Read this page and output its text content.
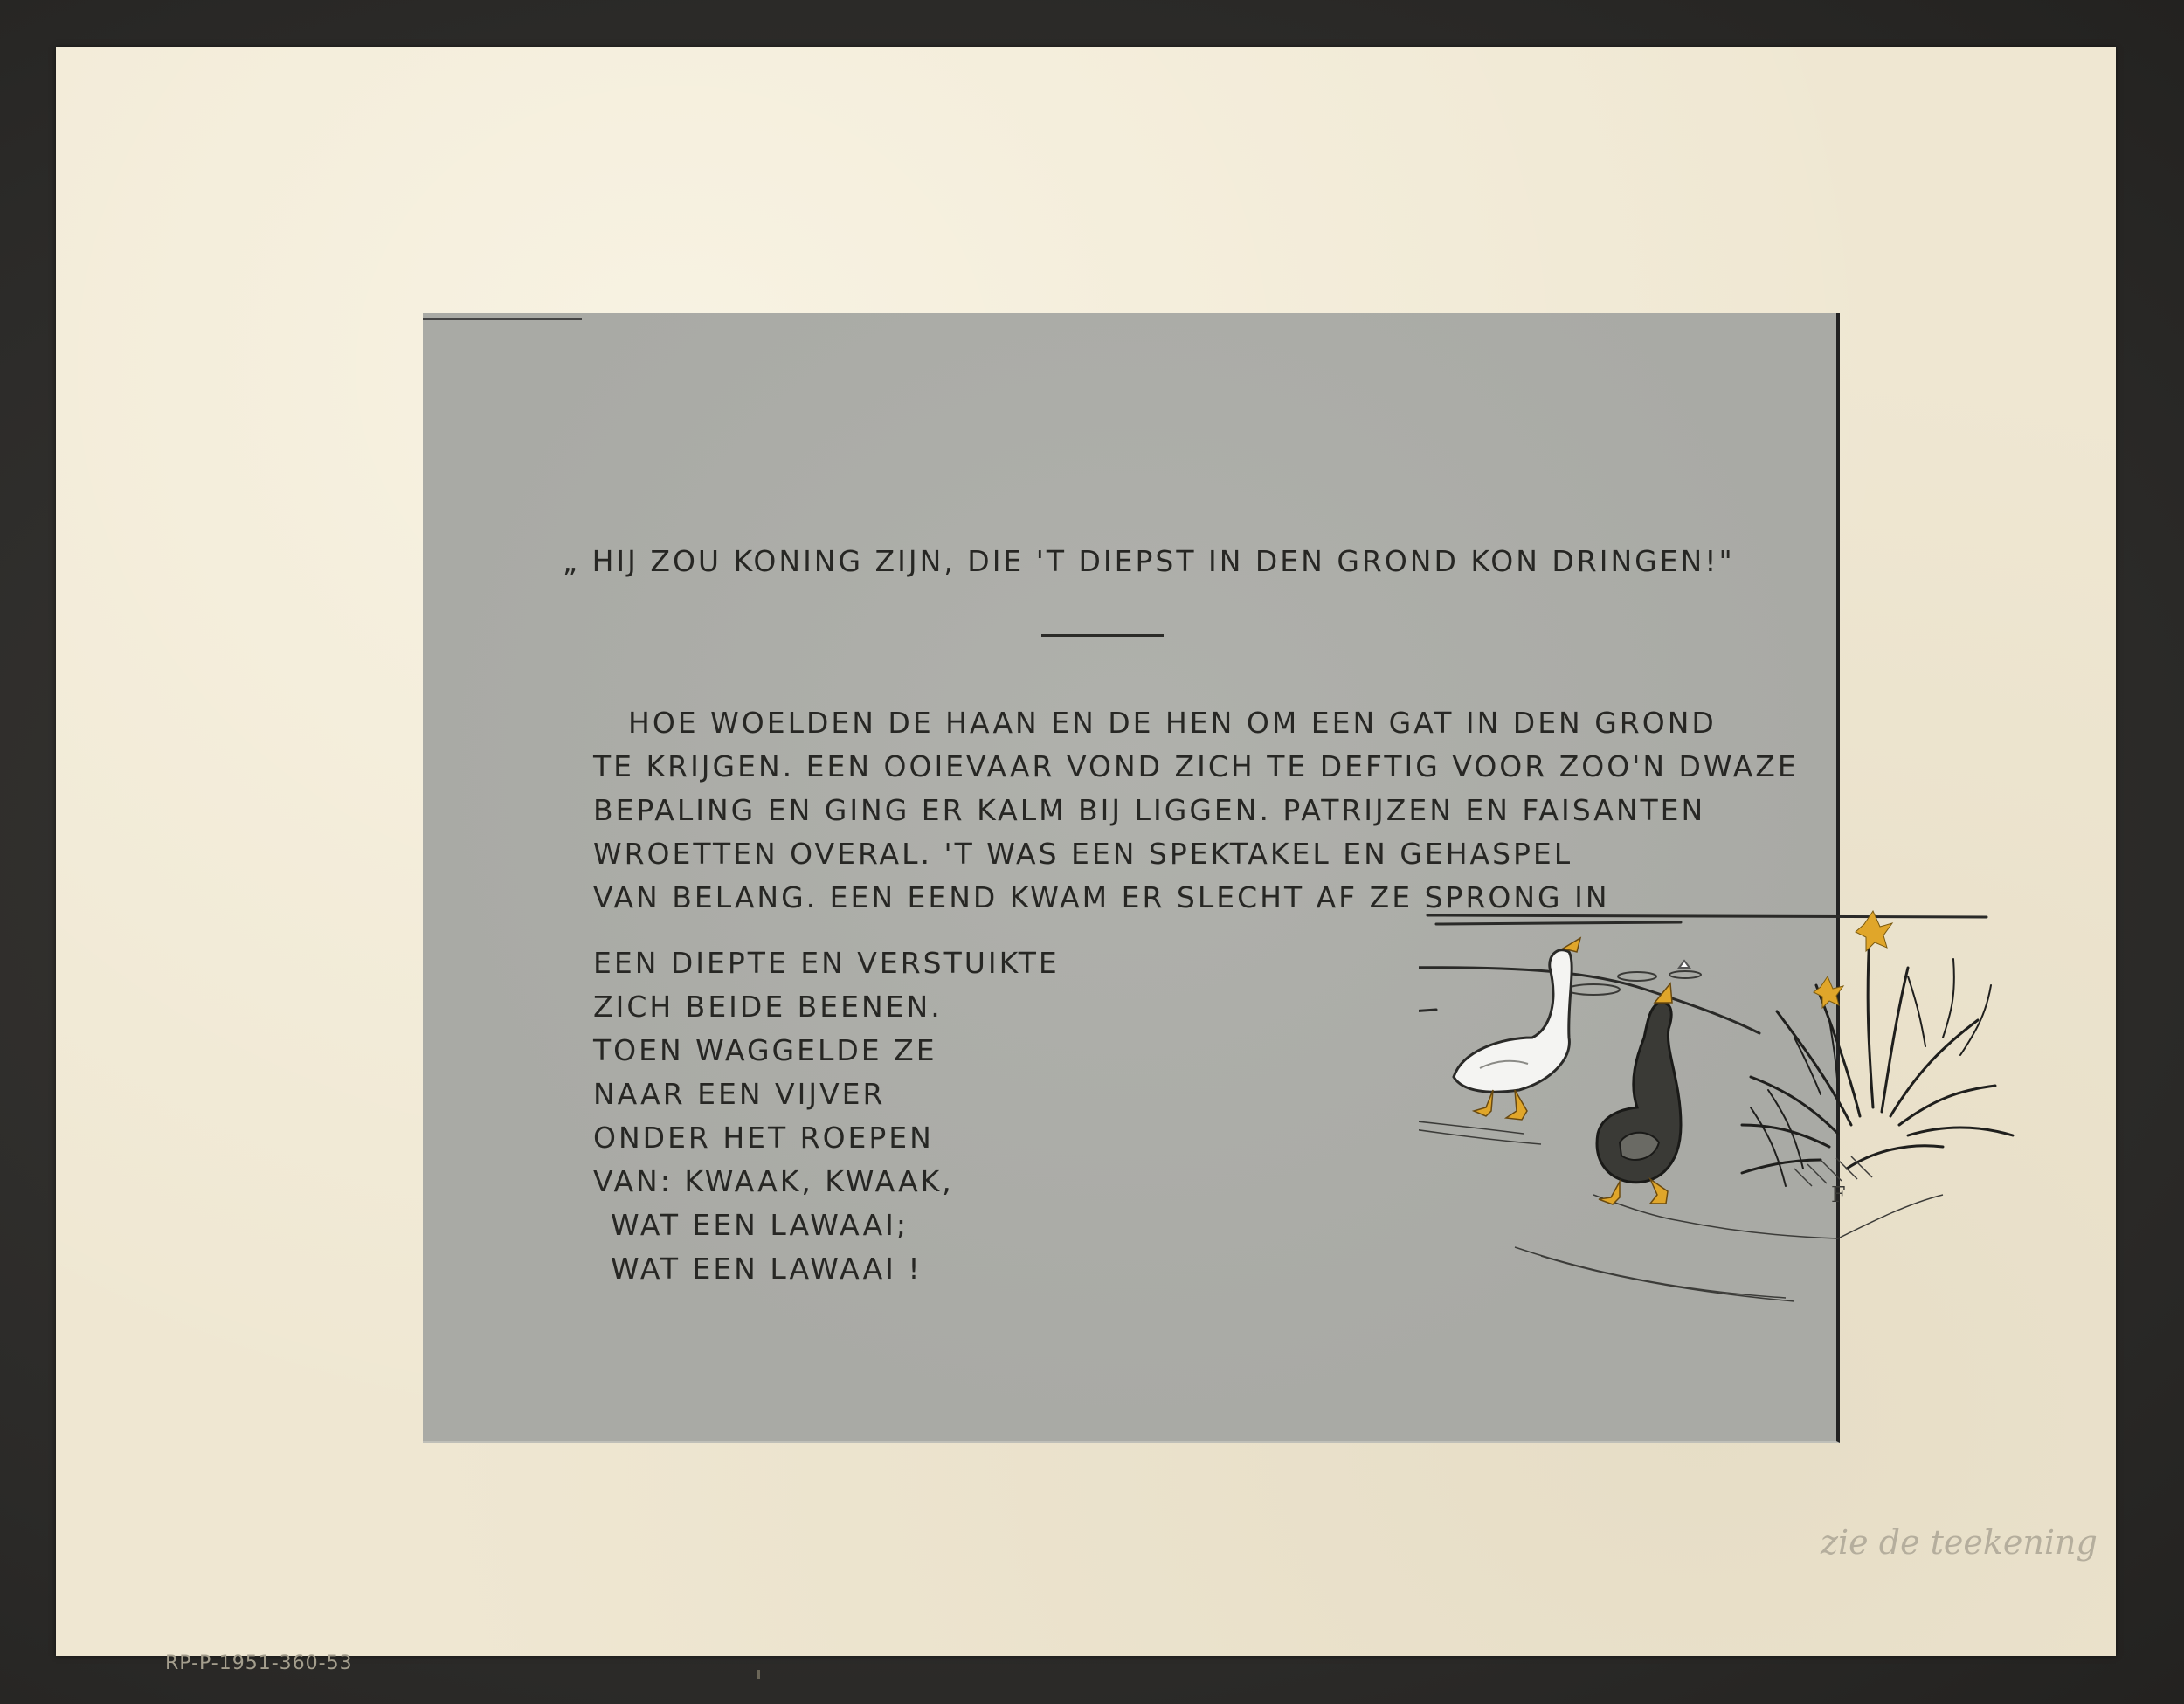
„ HIJ ZOU KONING ZIJN, DIE 'T DIEPST IN DEN GROND KON DRINGEN!"
HOE WOELDEN DE HAAN EN DE HEN OM EEN GAT IN DEN GROND
TE KRIJGEN. EEN OOIEVAAR VOND ZICH TE DEFTIG VOOR ZOO'N DWAZE
BEPALING EN GING ER KALM BIJ LIGGEN. PATRIJZEN EN FAISANTEN
WROETTEN OVERAL. 'T WAS EEN SPEKTAKEL EN GEHASPEL
VAN BELANG. EEN EEND KWAM ER SLECHT AF ZE SPRONG IN
EEN DIEPTE EN VERSTUIKTE
ZICH BEIDE BEENEN.
TOEN WAGGELDE ZE
NAAR EEN VIJVER
ONDER HET ROEPEN
VAN: KWAAK, KWAAK,
WAT EEN LAWAAI;
WAT EEN LAWAAI !
F
zie de teekening
RP-P-1951-360-53
